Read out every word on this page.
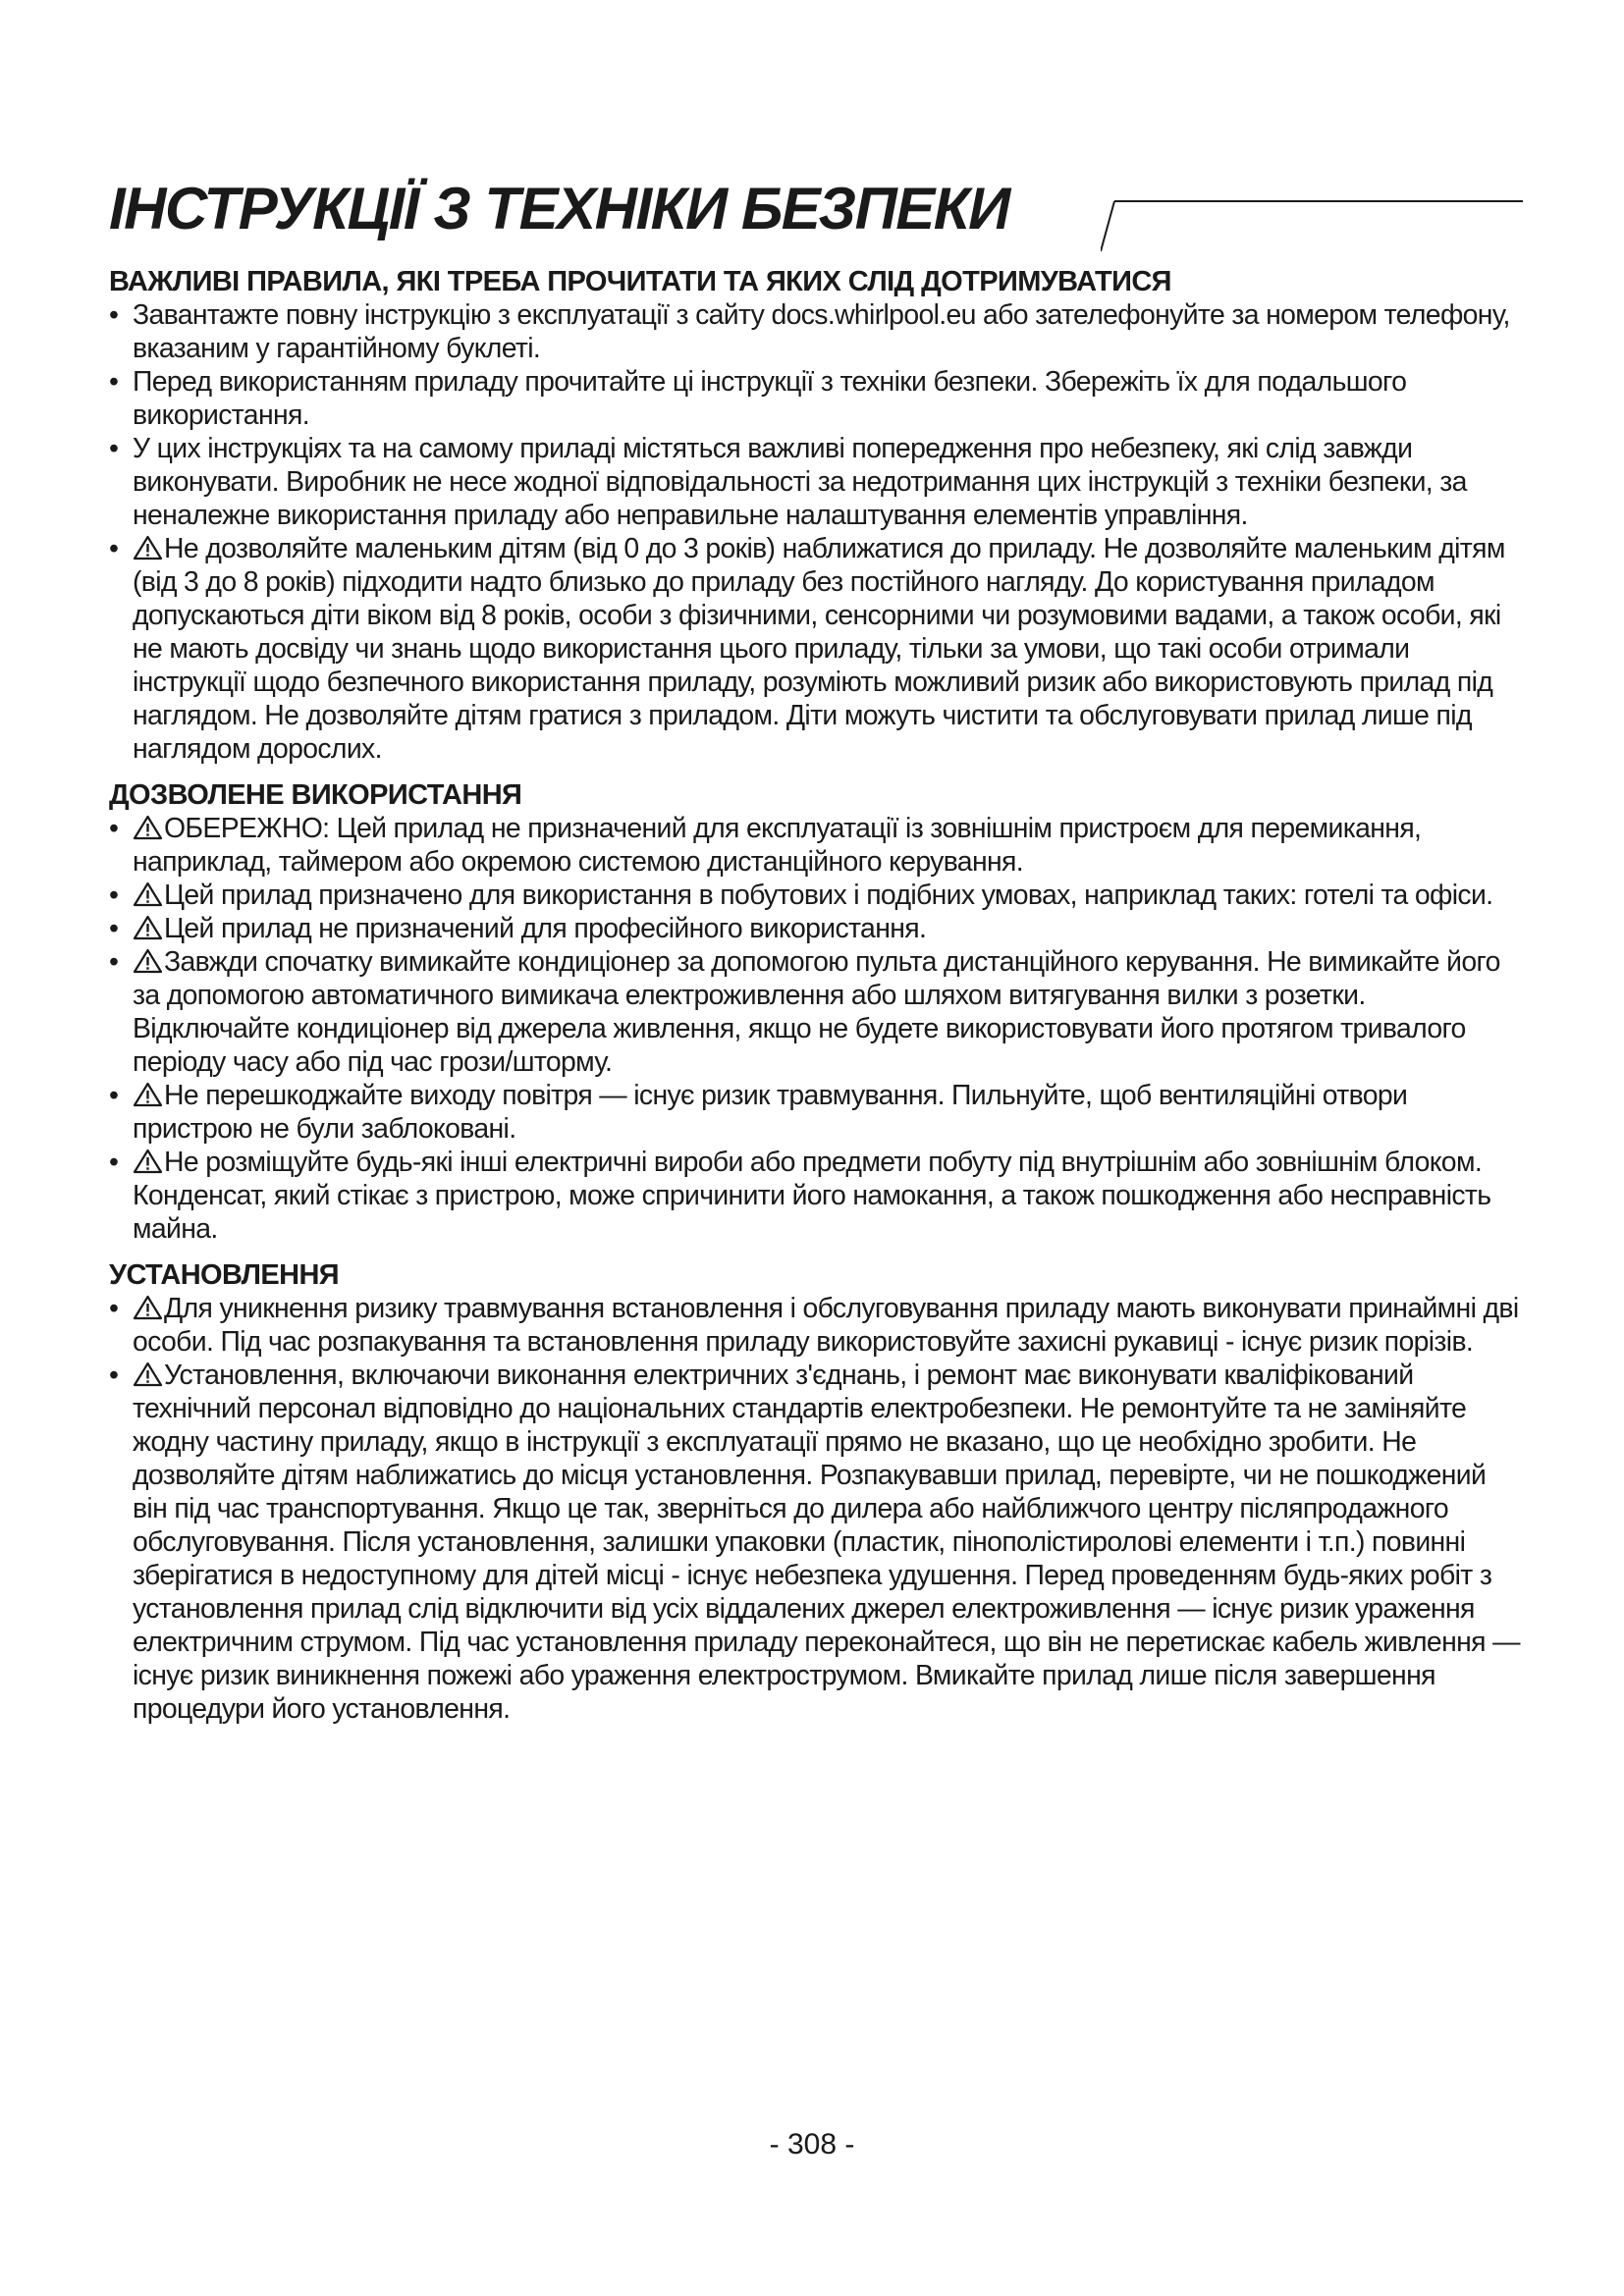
ІНСТРУКЦІЇ З ТЕХНІКИ БЕЗПЕКИ
ВАЖЛИВІ ПРАВИЛА, ЯКІ ТРЕБА ПРОЧИТАТИ ТА ЯКИХ СЛІД ДОТРИМУВАТИСЯ
• Завантажте повну інструкцію з експлуатації з сайту docs.whirlpool.eu або зателефонуйте за номером телефону, вказаним у гарантійному буклеті.
• Перед використанням приладу прочитайте ці інструкції з техніки безпеки. Збережіть їх для подальшого використання.
• У цих інструкціях та на самому приладі містяться важливі попередження про небезпеку, які слід завжди виконувати. Виробник не несе жодної відповідальності за недотримання цих інструкцій з техніки безпеки, за неналежне використання приладу або неправильне налаштування елементів управління.
• Не дозволяйте маленьким дітям (від 0 до 3 років) наближатися до приладу. Не дозволяйте маленьким дітям (від 3 до 8 років) підходити надто близько до приладу без постійного нагляду. До користування приладом допускаються діти віком від 8 років, особи з фізичними, сенсорними чи розумовими вадами, а також особи, які не мають досвіду чи знань щодо використання цього приладу, тільки за умови, що такі особи отримали інструкції щодо безпечного використання приладу, розуміють можливий ризик або використовують прилад під наглядом. Не дозволяйте дітям гратися з приладом. Діти можуть чистити та обслуговувати прилад лише під наглядом дорослих.
ДОЗВОЛЕНЕ ВИКОРИСТАННЯ
• ОБЕРЕЖНО: Цей прилад не призначений для експлуатації із зовнішнім пристроєм для перемикання, наприклад, таймером або окремою системою дистанційного керування.
• Цей прилад призначено для використання в побутових і подібних умовах, наприклад таких: готелі та офіси.
• Цей прилад не призначений для професійного використання.
• Завжди спочатку вимикайте кондиціонер за допомогою пульта дистанційного керування. Не вимикайте його за допомогою автоматичного вимикача електроживлення або шляхом витягування вилки з розетки. Відключайте кондиціонер від джерела живлення, якщо не будете використовувати його протягом тривалого періоду часу або під час грози/шторму.
• Не перешкоджайте виходу повітря — існує ризик травмування. Пильнуйте, щоб вентиляційні отвори пристрою не були заблоковані.
• Не розміщуйте будь-які інші електричні вироби або предмети побуту під внутрішнім або зовнішнім блоком. Конденсат, який стікає з пристрою, може спричинити його намокання, а також пошкодження або несправність майна.
УСТАНОВЛЕННЯ
• Для уникнення ризику травмування встановлення і обслуговування приладу мають виконувати принаймні дві особи. Під час розпакування та встановлення приладу використовуйте захисні рукавиці - існує ризик порізів.
• Установлення, включаючи виконання електричних з'єднань, і ремонт має виконувати кваліфікований технічний персонал відповідно до національних стандартів електробезпеки. Не ремонтуйте та не заміняйте жодну частину приладу, якщо в інструкції з експлуатації прямо не вказано, що це необхідно зробити. Не дозволяйте дітям наближатись до місця установлення. Розпакувавши прилад, перевірте, чи не пошкоджений він під час транспортування. Якщо це так, зверніться до дилера або найближчого центру післяпродажного обслуговування. Після установлення, залишки упаковки (пластик, пінополістиролові елементи і т.п.) повинні зберігатися в недоступному для дітей місці - існує небезпека удушення. Перед проведенням будь-яких робіт з установлення прилад слід відключити від усіх віддалених джерел електроживлення — існує ризик ураження електричним струмом. Під час установлення приладу переконайтеся, що він не перетискає кабель живлення — існує ризик виникнення пожежі або ураження електрострумом. Вмикайте прилад лише після завершення процедури його установлення.
- 308 -
